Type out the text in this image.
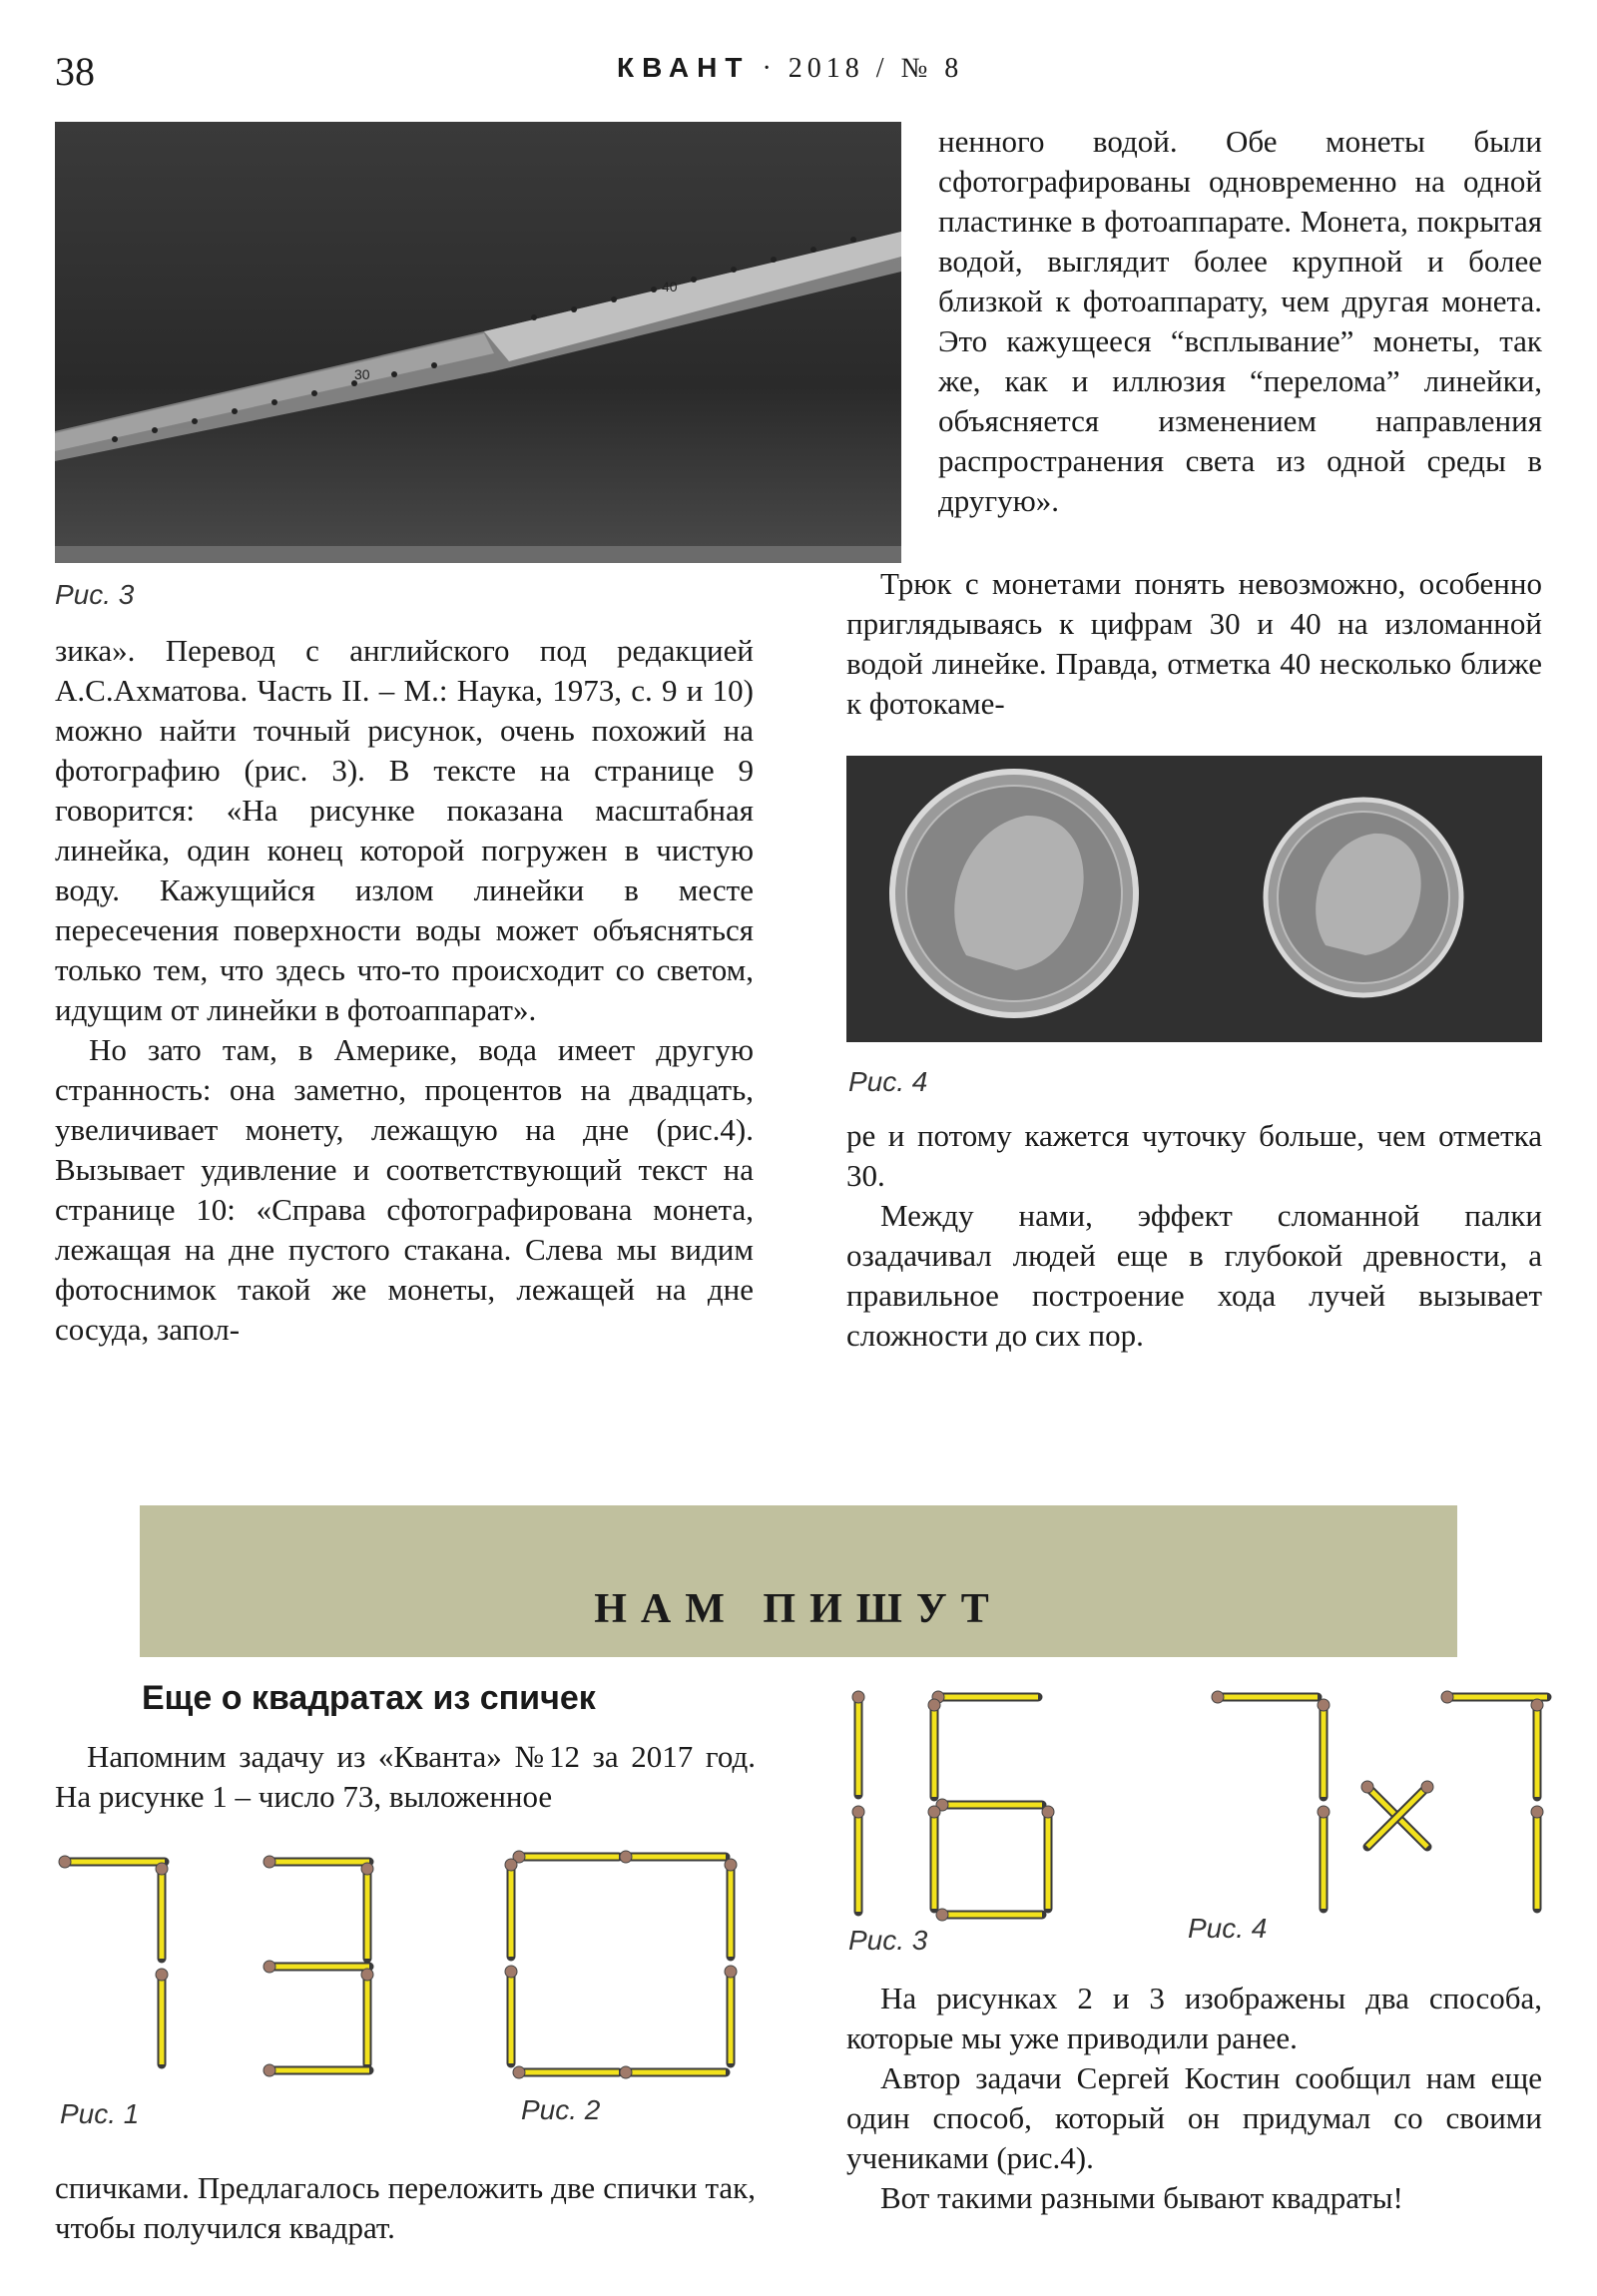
38	КВАНТ · 2018 / № 8
40
30
Рис. 3

зика». Перевод с английского под редакцией А.С.Ахматова. Часть II. – М.: Наука, 1973, с. 9 и 10) можно найти точный рисунок, очень похожий на фотографию (рис. 3). В тексте на странице 9 говорится: «На рисунке показана масштабная линейка, один конец которой погружен в чистую воду. Кажущийся излом линейки в месте пересечения поверхности воды может объясняться только тем, что здесь что-то происходит со светом, идущим от линейки в фотоаппарат».

Но зато там, в Америке, вода имеет другую странность: она заметно, процентов на двадцать, увеличивает монету, лежащую на дне (рис.4). Вызывает удивление и соответствующий текст на странице 10: «Справа сфотографирована монета, лежащая на дне пустого стакана. Слева мы видим фотоснимок такой же монеты, лежащей на дне сосуда, запол-

ненного водой. Обе монеты были сфотографированы одновременно на одной пластинке в фотоаппарате. Монета, покрытая водой, выглядит более крупной и более близкой к фотоаппарату, чем другая монета. Это кажущееся “всплывание” монеты, так же, как и иллюзия “перелома” линейки, объясняется изменением направления распространения света из одной среды в другую».

Трюк с монетами понять невозможно, особенно приглядываясь к цифрам 30 и 40 на изломанной водой линейке. Правда, отметка 40 несколько ближе к фотокаме-

Рис. 4

ре и потому кажется чуточку больше, чем отметка 30.

Между нами, эффект сломанной палки озадачивал людей еще в глубокой древности, а правильное построение хода лучей вызывает сложности до сих пор.

НАМ ПИШУТ
Еще о квадратах из спичек

Напомним задачу из «Кванта» №12 за 2017 год. На рисунке 1 – число 73, выложенное

Рис. 1	Рис. 2

спичками. Предлагалось переложить две спички так, чтобы получился квадрат.

Рис. 3	Рис. 4

На рисунках 2 и 3 изображены два способа, которые мы уже приводили ранее.

Автор задачи Сергей Костин сообщил нам еще один способ, который он придумал со своими учениками (рис.4).

Вот такими разными бывают квадраты!
